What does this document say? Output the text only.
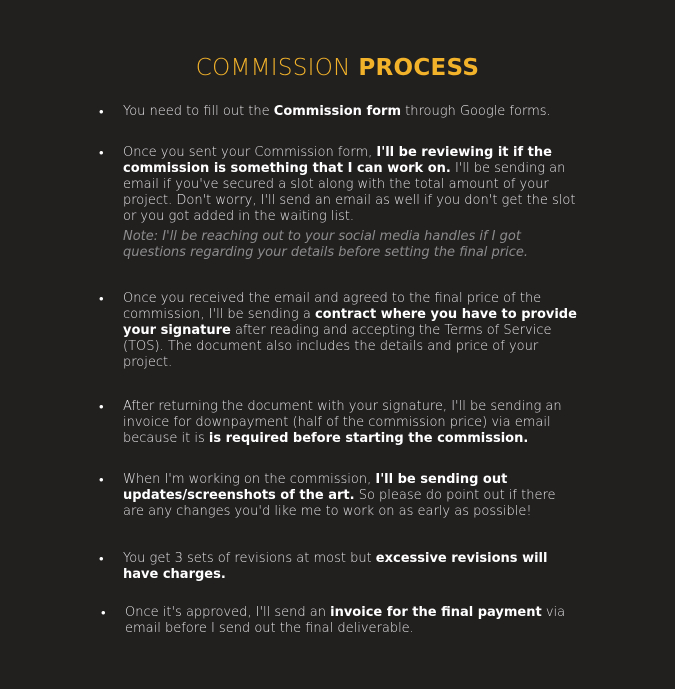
COMMISSION PROCESS
• You need to fill out the Commission form through Google forms.
• Once you sent your Commission form, I'll be reviewing it if the commission is something that I can work on. I'll be sending an email if you've secured a slot along with the total amount of your project. Don't worry, I'll send an email as well if you don't get the slot or you got added in the waiting list.
Note: I'll be reaching out to your social media handles if I got questions regarding your details before setting the final price.
• Once you received the email and agreed to the final price of the commission, I'll be sending a contract where you have to provide your signature after reading and accepting the Terms of Service (TOS). The document also includes the details and price of your project.
• After returning the document with your signature, I'll be sending an invoice for downpayment (half of the commission price) via email because it is is required before starting the commission.
• When I'm working on the commission, I'll be sending out updates/screenshots of the art. So please do point out if there are any changes you'd like me to work on as early as possible!
• You get 3 sets of revisions at most but excessive revisions will have charges.
• Once it's approved, I'll send an invoice for the final payment via email before I send out the final deliverable.
